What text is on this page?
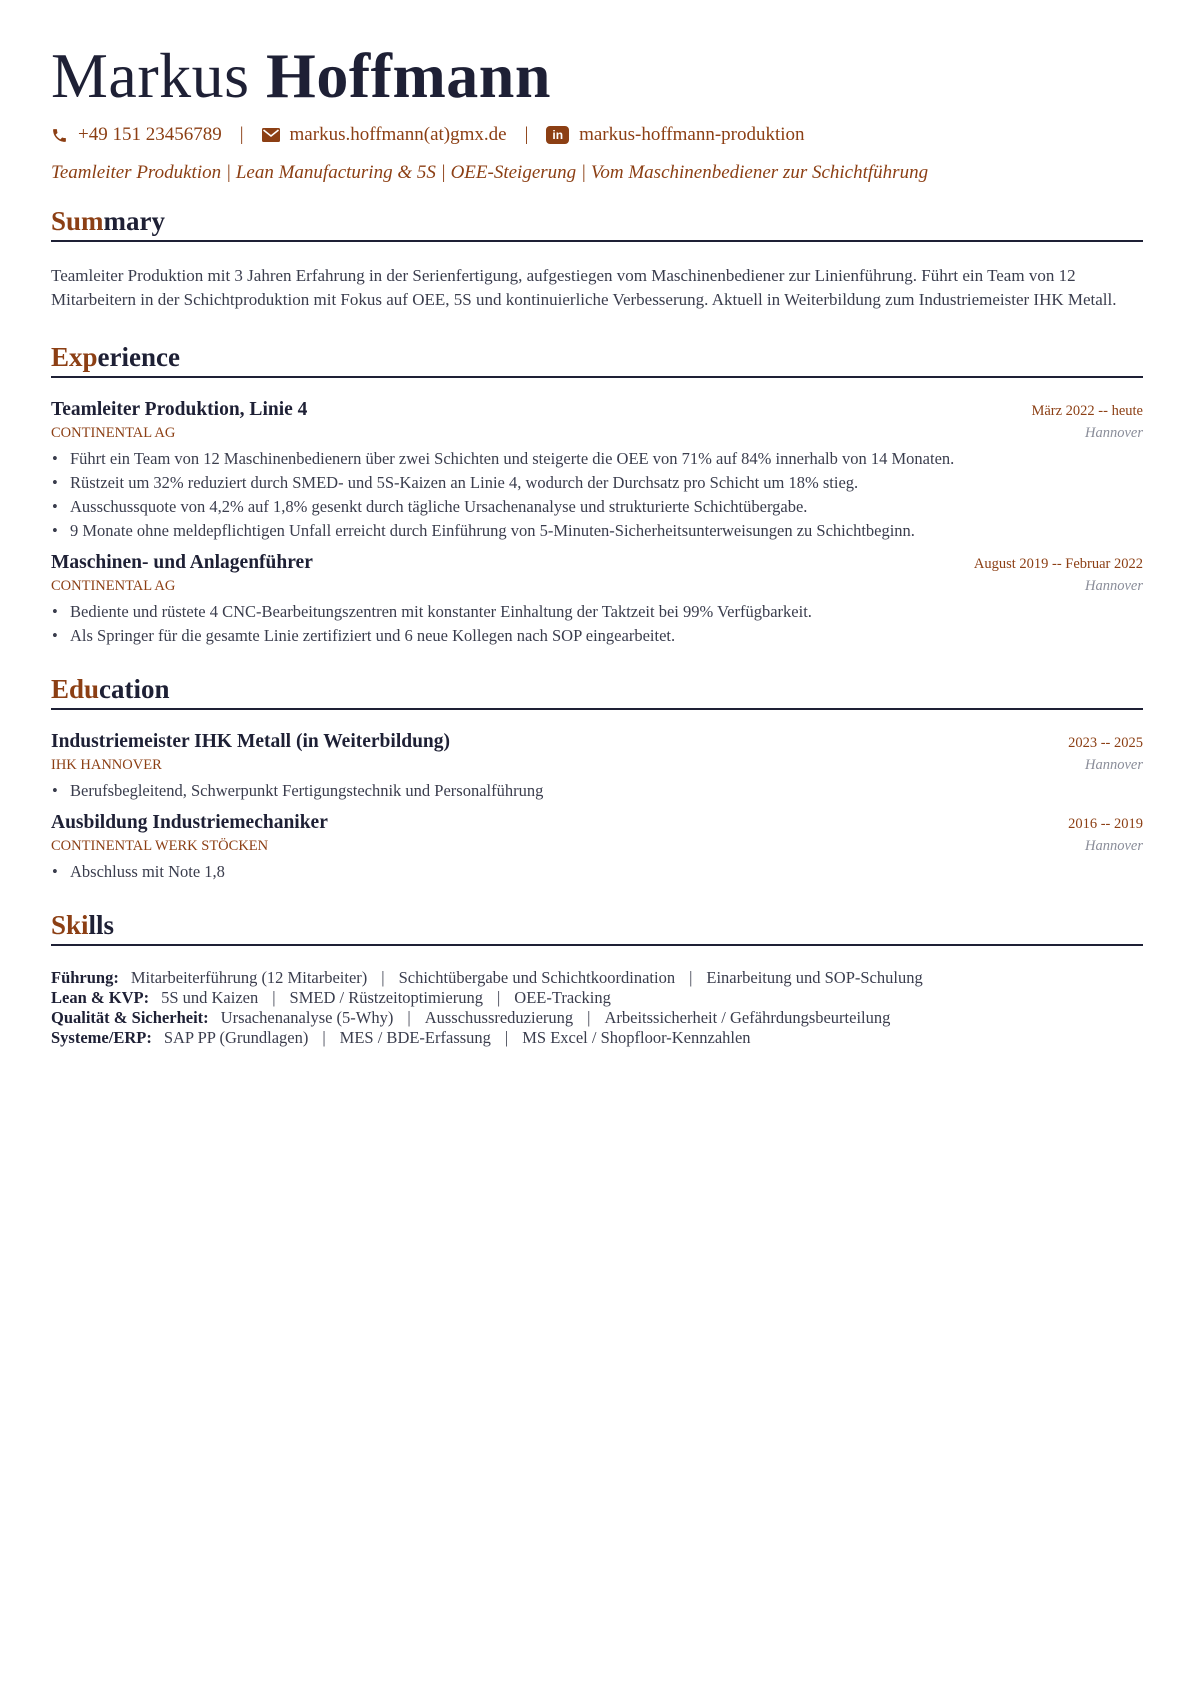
Markus Hoffmann
+49 151 23456789 | markus.hoffmann(at)gmx.de |	in markus-hoffmann-produktion
Teamleiter Produktion | Lean Manufacturing & 5S | OEE-Steigerung | Vom Maschinenbediener zur Schichtführung
Summary
Teamleiter Produktion mit 3 Jahren Erfahrung in der Serienfertigung, aufgestiegen vom Maschinenbediener zur Linienführung. Führt ein Team von 12 Mitarbeitern in der Schichtproduktion mit Fokus auf OEE, 5S und kontinuierliche Verbesserung. Aktuell in Weiterbildung zum Industriemeister IHK Metall.
Experience
Teamleiter Produktion, Linie 4	März 2022 -- heute
CONTINENTAL AG	Hannover
• Führt ein Team von 12 Maschinenbedienern über zwei Schichten und steigerte die OEE von 71% auf 84% innerhalb von 14 Monaten.
• Rüstzeit um 32% reduziert durch SMED- und 5S-Kaizen an Linie 4, wodurch der Durchsatz pro Schicht um 18% stieg.
• Ausschussquote von 4,2% auf 1,8% gesenkt durch tägliche Ursachenanalyse und strukturierte Schichtübergabe.
• 9 Monate ohne meldepflichtigen Unfall erreicht durch Einführung von 5-Minuten-Sicherheitsunterweisungen zu Schichtbeginn.
Maschinen- und Anlagenführer	August 2019 -- Februar 2022
CONTINENTAL AG	Hannover
• Bediente und rüstete 4 CNC-Bearbeitungszentren mit konstanter Einhaltung der Taktzeit bei 99% Verfügbarkeit.
• Als Springer für die gesamte Linie zertifiziert und 6 neue Kollegen nach SOP eingearbeitet.
Education
Industriemeister IHK Metall (in Weiterbildung)	2023 -- 2025
IHK HANNOVER	Hannover
• Berufsbegleitend, Schwerpunkt Fertigungstechnik und Personalführung
Ausbildung Industriemechaniker	2016 -- 2019
CONTINENTAL WERK STÖCKEN	Hannover
• Abschluss mit Note 1,8
Skills
Führung: Mitarbeiterführung (12 Mitarbeiter) | Schichtübergabe und Schichtkoordination | Einarbeitung und SOP-Schulung
Lean & KVP: 5S und Kaizen | SMED / Rüstzeitoptimierung | OEE-Tracking
Qualität & Sicherheit: Ursachenanalyse (5-Why) | Ausschussreduzierung | Arbeitssicherheit / Gefährdungsbeurteilung
Systeme/ERP: SAP PP (Grundlagen) | MES / BDE-Erfassung | MS Excel / Shopfloor-Kennzahlen
